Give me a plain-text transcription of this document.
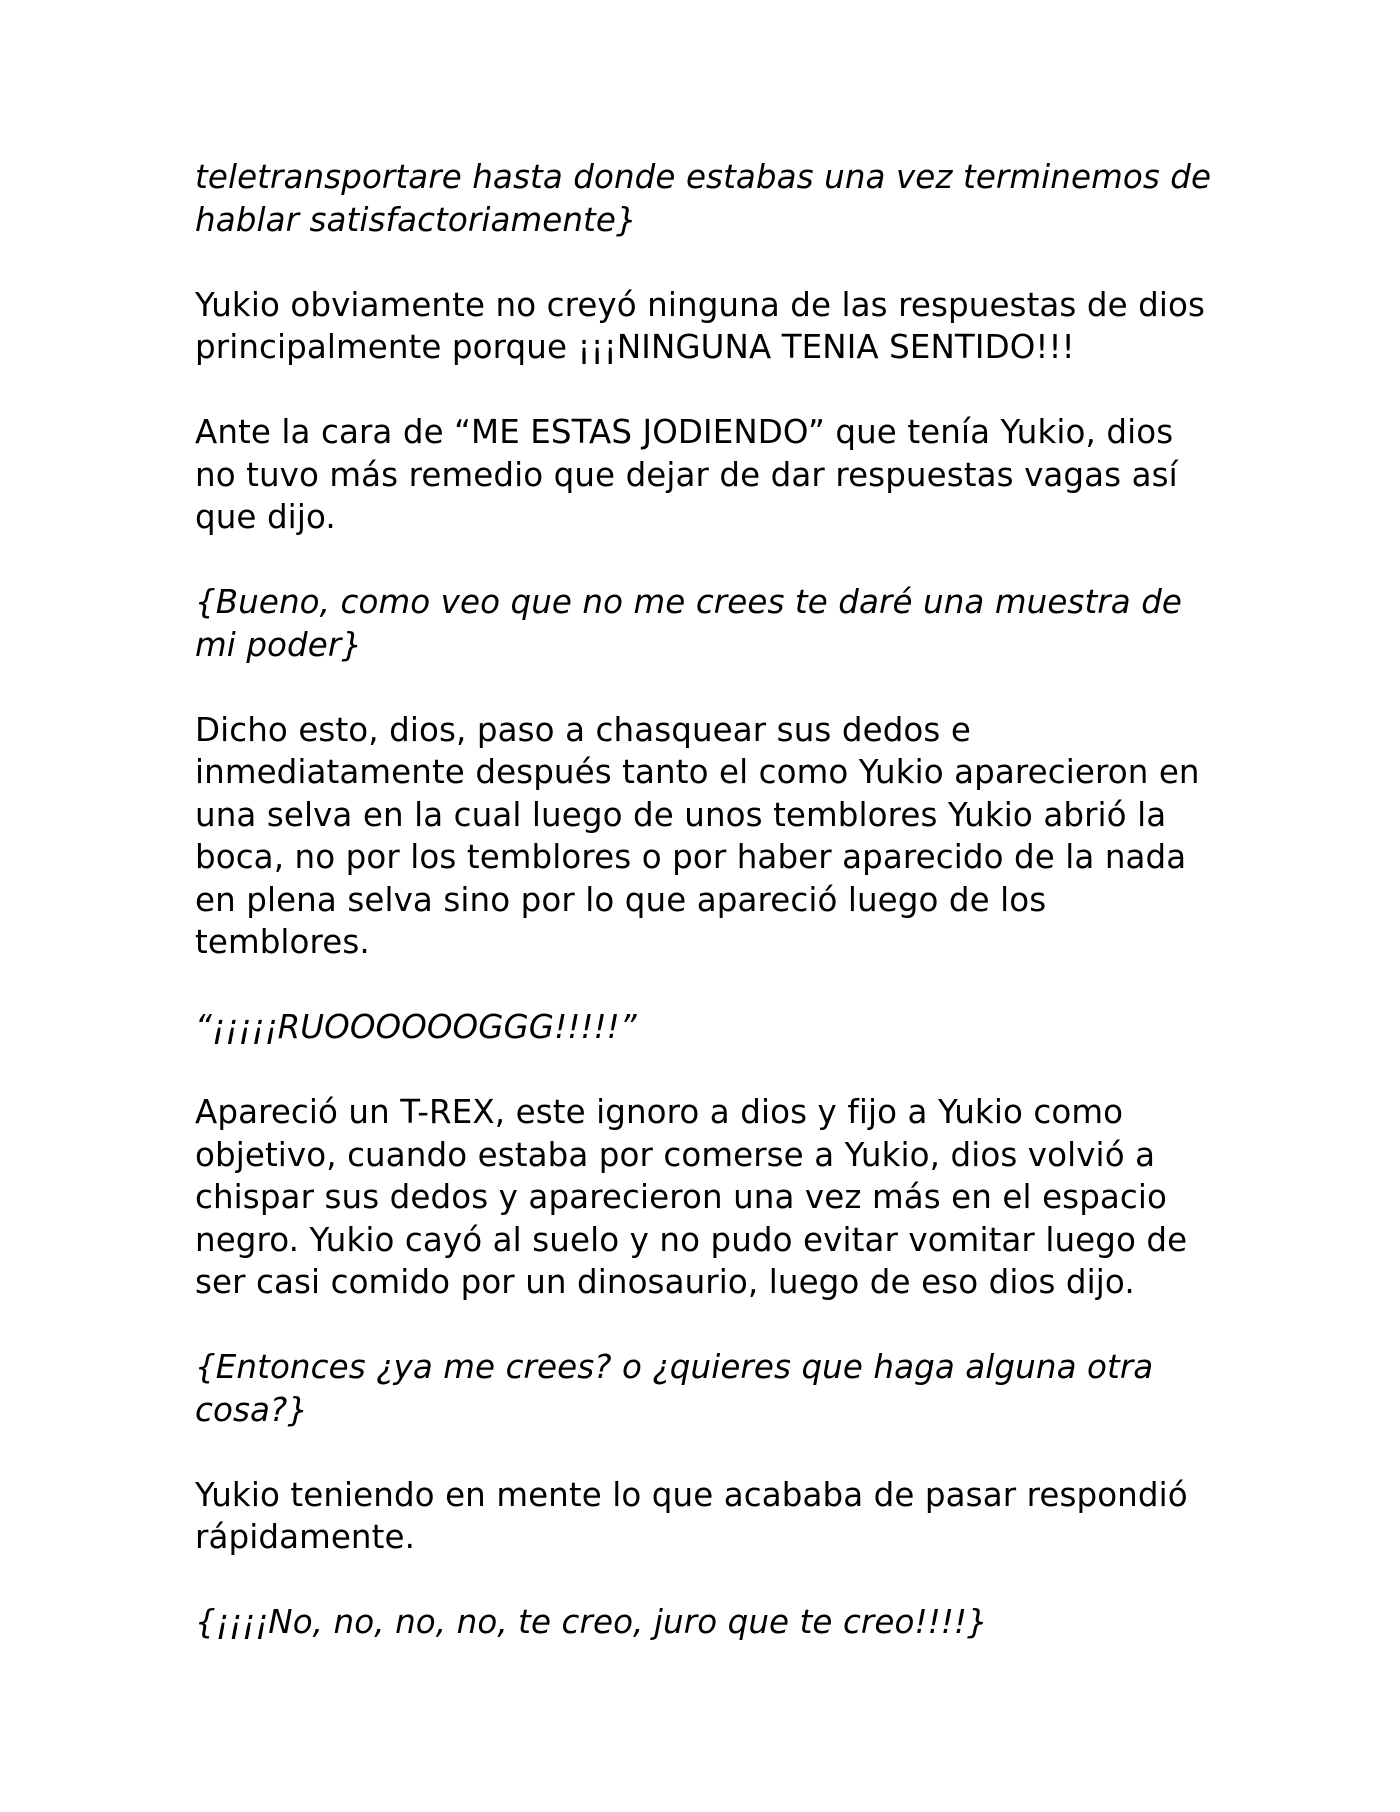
teletransportare hasta donde estabas una vez terminemos de hablar satisfactoriamente}

Yukio obviamente no creyó ninguna de las respuestas de dios principalmente porque ¡¡¡NINGUNA TENIA SENTIDO!!!

Ante la cara de “ME ESTAS JODIENDO” que tenía Yukio, dios no tuvo más remedio que dejar de dar respuestas vagas así que dijo.

{Bueno, como veo que no me crees te daré una muestra de mi poder}

Dicho esto, dios, paso a chasquear sus dedos e inmediatamente después tanto el como Yukio aparecieron en una selva en la cual luego de unos temblores Yukio abrió la boca, no por los temblores o por haber aparecido de la nada en plena selva sino por lo que apareció luego de los temblores.

“¡¡¡¡¡RUOOOOOOGGG!!!!!”

Apareció un T-REX, este ignoro a dios y fijo a Yukio como objetivo, cuando estaba por comerse a Yukio, dios volvió a chispar sus dedos y aparecieron una vez más en el espacio negro. Yukio cayó al suelo y no pudo evitar vomitar luego de ser casi comido por un dinosaurio, luego de eso dios dijo.

{Entonces ¿ya me crees? o ¿quieres que haga alguna otra cosa?}

Yukio teniendo en mente lo que acababa de pasar respondió rápidamente.

{¡¡¡¡No, no, no, no, te creo, juro que te creo!!!!}
